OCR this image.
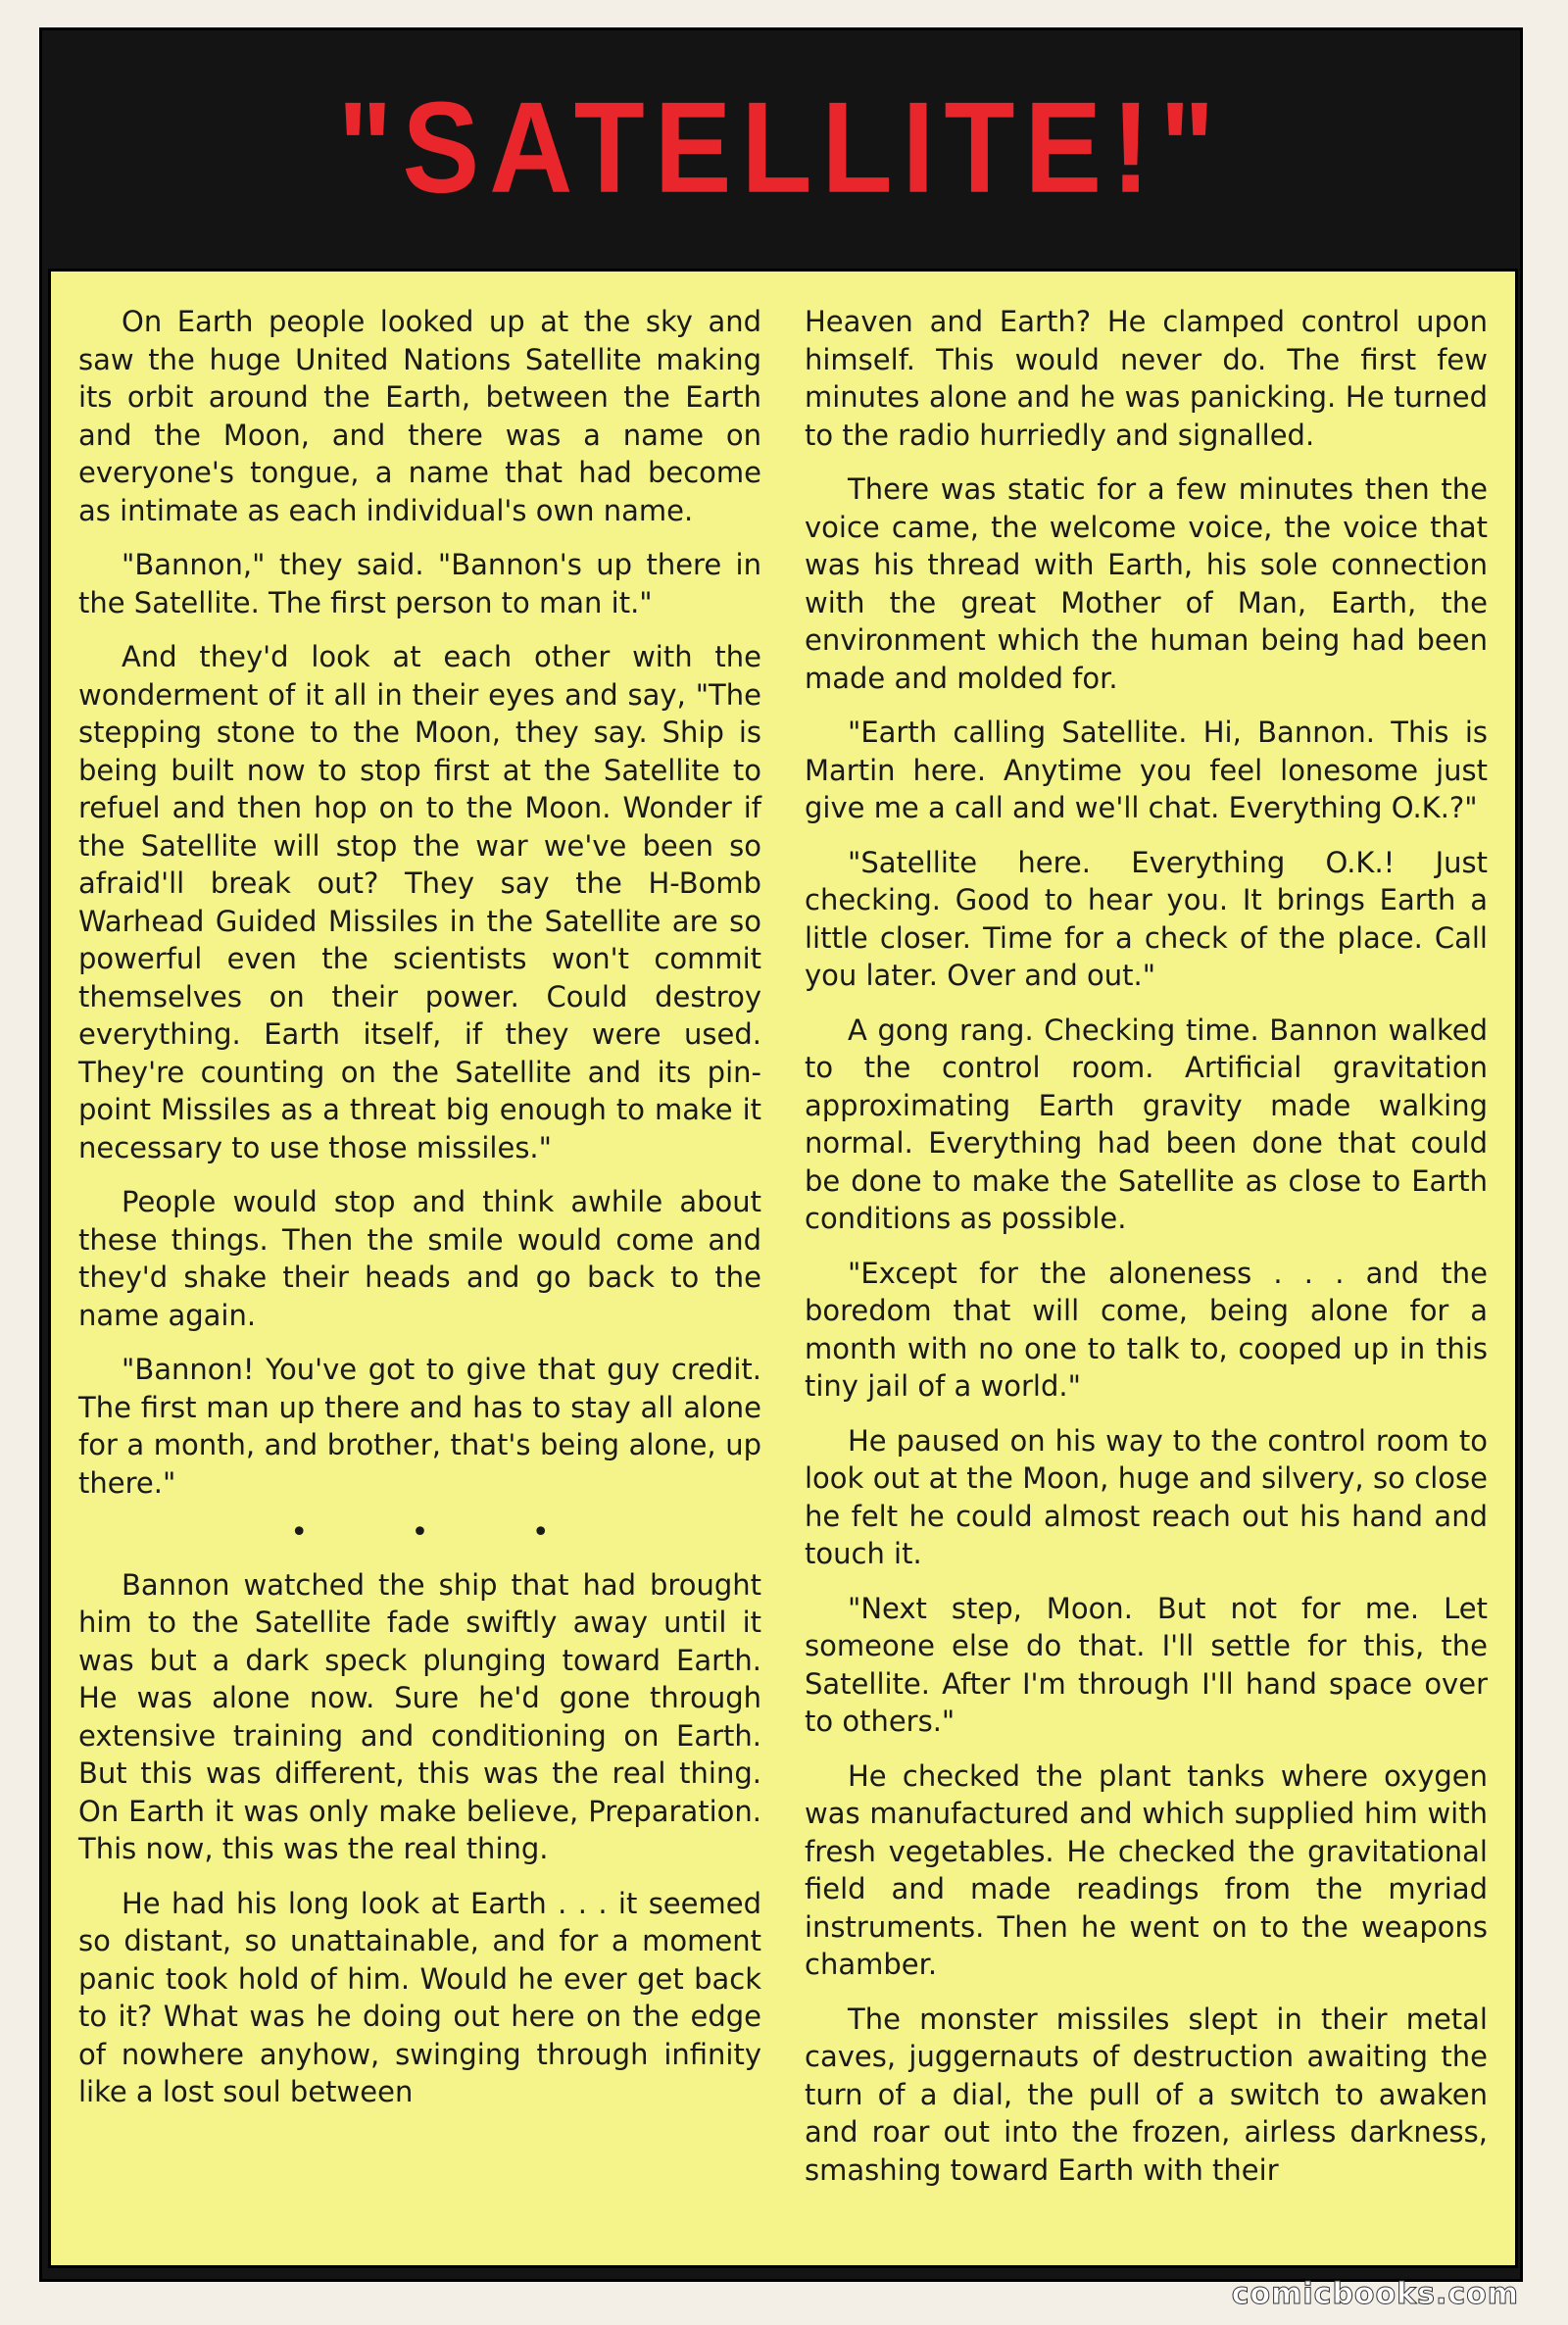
"SATELLITE!"

On Earth people looked up at the sky and saw the huge United Nations Satellite making its orbit around the Earth, between the Earth and the Moon, and there was a name on everyone's tongue, a name that had become as intimate as each individual's own name.

"Bannon," they said. "Bannon's up there in the Satellite. The first person to man it."

And they'd look at each other with the wonderment of it all in their eyes and say, "The stepping stone to the Moon, they say. Ship is being built now to stop first at the Satellite to refuel and then hop on to the Moon. Wonder if the Satellite will stop the war we've been so afraid'll break out? They say the H-Bomb Warhead Guided Missiles in the Satellite are so powerful even the scientists won't commit themselves on their power. Could destroy everything. Earth itself, if they were used. They're counting on the Satellite and its pin-point Missiles as a threat big enough to make it necessary to use those missiles."

People would stop and think awhile about these things. Then the smile would come and they'd shake their heads and go back to the name again.

"Bannon! You've got to give that guy credit. The first man up there and has to stay all alone for a month, and brother, that's being alone, up there."

• • •

Bannon watched the ship that had brought him to the Satellite fade swiftly away until it was but a dark speck plunging toward Earth. He was alone now. Sure he'd gone through extensive training and conditioning on Earth. But this was different, this was the real thing. On Earth it was only make believe, Preparation. This now, this was the real thing.

He had his long look at Earth . . . it seemed so distant, so unattainable, and for a moment panic took hold of him. Would he ever get back to it? What was he doing out here on the edge of nowhere anyhow, swinging through infinity like a lost soul between

Heaven and Earth? He clamped control upon himself. This would never do. The first few minutes alone and he was panicking. He turned to the radio hurriedly and signalled.

There was static for a few minutes then the voice came, the welcome voice, the voice that was his thread with Earth, his sole connection with the great Mother of Man, Earth, the environment which the human being had been made and molded for.

"Earth calling Satellite. Hi, Bannon. This is Martin here. Anytime you feel lonesome just give me a call and we'll chat. Everything O.K.?"

"Satellite here. Everything O.K.! Just checking. Good to hear you. It brings Earth a little closer. Time for a check of the place. Call you later. Over and out."

A gong rang. Checking time. Bannon walked to the control room. Artificial gravitation approximating Earth gravity made walking normal. Everything had been done that could be done to make the Satellite as close to Earth conditions as possible.

"Except for the aloneness . . . and the boredom that will come, being alone for a month with no one to talk to, cooped up in this tiny jail of a world."

He paused on his way to the control room to look out at the Moon, huge and silvery, so close he felt he could almost reach out his hand and touch it.

"Next step, Moon. But not for me. Let someone else do that. I'll settle for this, the Satellite. After I'm through I'll hand space over to others."

He checked the plant tanks where oxygen was manufactured and which supplied him with fresh vegetables. He checked the gravitational field and made readings from the myriad instruments. Then he went on to the weapons chamber.

The monster missiles slept in their metal caves, juggernauts of destruction awaiting the turn of a dial, the pull of a switch to awaken and roar out into the frozen, airless darkness, smashing toward Earth with their

comicbooks.com
